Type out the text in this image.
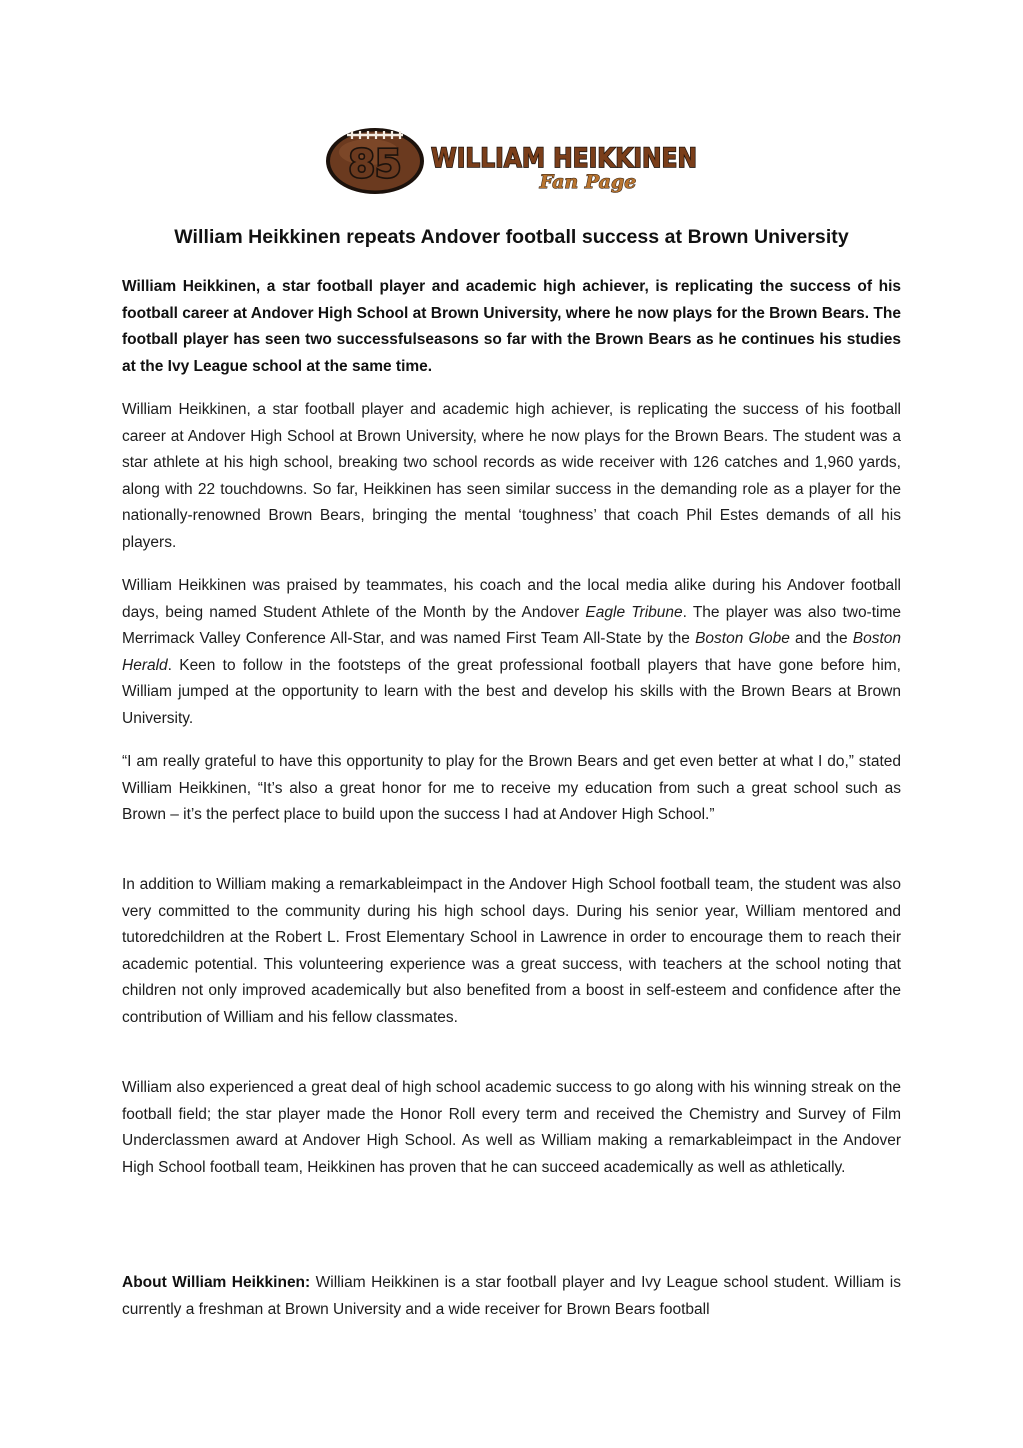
85 WILLIAM HEIKKINEN
Fan Page
William Heikkinen repeats Andover football success at Brown University

William Heikkinen, a star football player and academic high achiever, is replicating the success of his football career at Andover High School at Brown University, where he now plays for the Brown Bears. The football player has seen two successfulseasons so far with the Brown Bears as he continues his studies at the Ivy League school at the same time.

William Heikkinen, a star football player and academic high achiever, is replicating the success of his football career at Andover High School at Brown University, where he now plays for the Brown Bears. The student was a star athlete at his high school, breaking two school records as wide receiver with 126 catches and 1,960 yards, along with 22 touchdowns. So far, Heikkinen has seen similar success in the demanding role as a player for the nationally-renowned Brown Bears, bringing the mental ‘toughness’ that coach Phil Estes demands of all his players.

William Heikkinen was praised by teammates, his coach and the local media alike during his Andover football days, being named Student Athlete of the Month by the Andover Eagle Tribune. The player was also two-time Merrimack Valley Conference All-Star, and was named First Team All-State by the Boston Globe and the Boston Herald. Keen to follow in the footsteps of the great professional football players that have gone before him, William jumped at the opportunity to learn with the best and develop his skills with the Brown Bears at Brown University.

“I am really grateful to have this opportunity to play for the Brown Bears and get even better at what I do,” stated William Heikkinen, “It’s also a great honor for me to receive my education from such a great school such as Brown – it’s the perfect place to build upon the success I had at Andover High School.”

In addition to William making a remarkableimpact in the Andover High School football team, the student was also very committed to the community during his high school days. During his senior year, William mentored and tutoredchildren at the Robert L. Frost Elementary School in Lawrence in order to encourage them to reach their academic potential. This volunteering experience was a great success, with teachers at the school noting that children not only improved academically but also benefited from a boost in self-esteem and confidence after the contribution of William and his fellow classmates.

William also experienced a great deal of high school academic success to go along with his winning streak on the football field; the star player made the Honor Roll every term and received the Chemistry and Survey of Film Underclassmen award at Andover High School. As well as William making a remarkableimpact in the Andover High School football team, Heikkinen has proven that he can succeed academically as well as athletically.

About William Heikkinen: William Heikkinen is a star football player and Ivy League school student. William is currently a freshman at Brown University and a wide receiver for Brown Bears football
